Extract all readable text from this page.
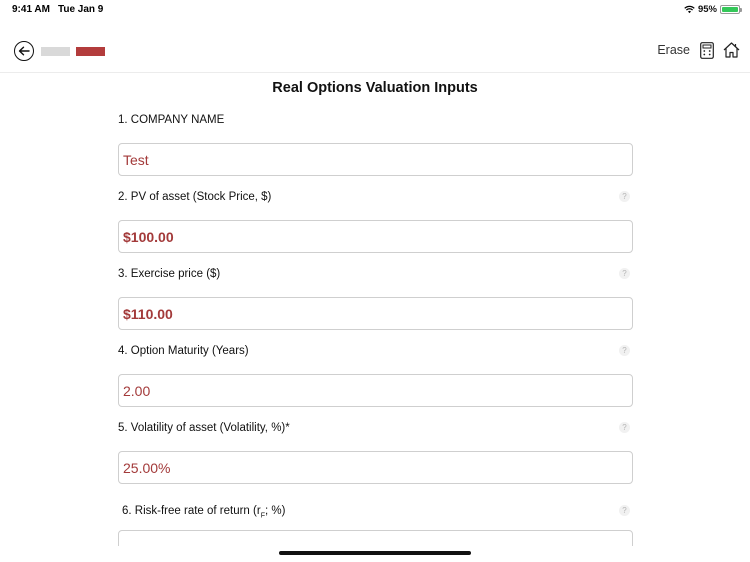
9:41 AM Tue Jan 9	95%
Erase
Real Options Valuation Inputs
1. COMPANY NAME
Test
2. PV of asset (Stock Price, $)	?
$100.00
3. Exercise price ($)	?
$110.00
4. Option Maturity (Years)	?
2.00
5. Volatility of asset (Volatility, %)*	?
25.00%
6. Risk-free rate of return ($r_F$; %)	?
